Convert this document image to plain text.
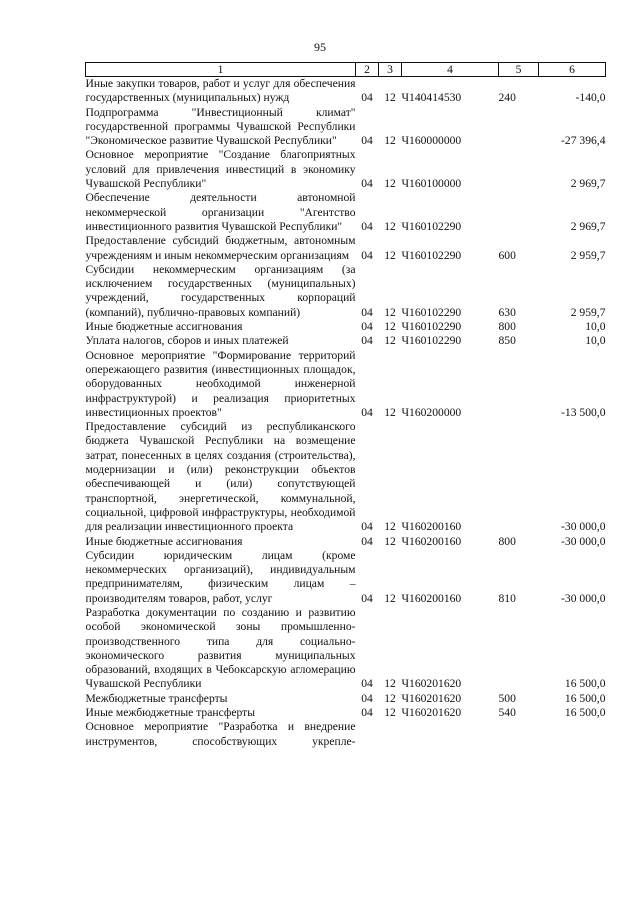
95
1	2	3	4	5	6
Иные закупки товаров, работ и услуг для обеспечения государственных (муниципальных) нужд	04	12	Ч140414530	240	-140,0
Подпрограмма "Инвестиционный климат" государственной программы Чувашской Республики "Экономическое развитие Чувашской Республики"	04	12	Ч160000000		-27 396,4
Основное мероприятие "Создание благоприятных условий для привлечения инвестиций в экономику Чувашской Республики"	04	12	Ч160100000		2 969,7
Обеспечение деятельности автономной некоммерческой организации "Агентство инвестиционного развития Чувашской Республики"	04	12	Ч160102290		2 969,7
Предоставление субсидий бюджетным, автономным учреждениям и иным некоммерческим организациям	04	12	Ч160102290	600	2 959,7
Субсидии некоммерческим организациям (за исключением государственных (муниципальных) учреждений, государственных корпораций (компаний), публично-правовых компаний)	04	12	Ч160102290	630	2 959,7
Иные бюджетные ассигнования	04	12	Ч160102290	800	10,0
Уплата налогов, сборов и иных платежей	04	12	Ч160102290	850	10,0
Основное мероприятие "Формирование территорий опережающего развития (инвестиционных площадок, оборудованных необходимой инженерной инфраструктурой) и реализация приоритетных инвестиционных проектов"	04	12	Ч160200000		-13 500,0
Предоставление субсидий из республиканского бюджета Чувашской Республики на возмещение затрат, понесенных в целях создания (строительства), модернизации и (или) реконструкции объектов обеспечивающей и (или) сопутствующей транспортной, энергетической, коммунальной, социальной, цифровой инфраструктуры, необходимой для реализации инвестиционного проекта	04	12	Ч160200160		-30 000,0
Иные бюджетные ассигнования	04	12	Ч160200160	800	-30 000,0
Субсидии юридическим лицам (кроме некоммерческих организаций), индивидуальным предпринимателям, физическим лицам – производителям товаров, работ, услуг	04	12	Ч160200160	810	-30 000,0
Разработка документации по созданию и развитию особой экономической зоны промышленно-производственного типа для социально-экономического развития муниципальных образований, входящих в Чебоксарскую агломерацию Чувашской Республики	04	12	Ч160201620		16 500,0
Межбюджетные трансферты	04	12	Ч160201620	500	16 500,0
Иные межбюджетные трансферты	04	12	Ч160201620	540	16 500,0
Основное мероприятие "Разработка и внедрение инструментов, способствующих укрепле-					
